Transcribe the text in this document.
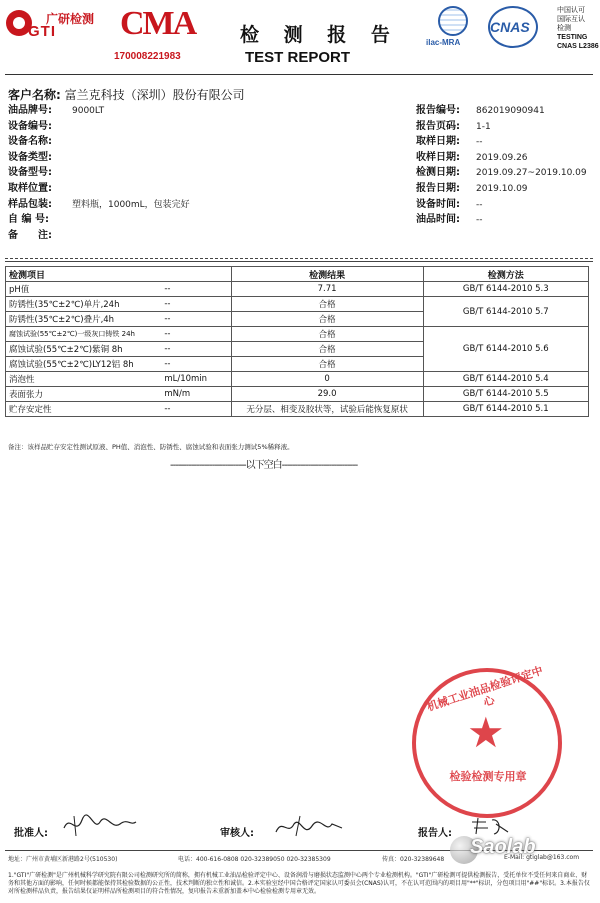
GTI
广研检测 CMA
170008221983
检 测 报 告
TEST REPORT
ilac-MRA
CNAS
中国认可
国际互认
检测
TESTING
CNAS L2386
客户名称: 富兰克科技（深圳）股份有限公司
油品牌号: 9000LT
设备编号:
设备名称:
设备类型:
设备型号:
取样位置:
样品包装: 塑料瓶，1000mL，包装完好
自 编 号:
备　　注:
报告编号: 862019090941
报告页码: 1-1
取样日期: --
收样日期: 2019.09.26
检测日期: 2019.09.27~2019.10.09
报告日期: 2019.10.09
设备时间: --
油品时间: --
检测项目		检测结果	检测方法
pH值	--	7.71	GB/T 6144-2010 5.3
防锈性(35℃±2℃)单片,24h	--	合格	GB/T 6144-2010 5.7
防锈性(35℃±2℃)叠片,4h	--	合格	
腐蚀试验(55℃±2℃)一级灰口铸铁 24h	--	合格	GB/T 6144-2010 5.6
腐蚀试验(55℃±2℃)紫铜 8h	--	合格	
腐蚀试验(55℃±2℃)LY12铝 8h	--	合格	
消泡性	mL/10min	0	GB/T 6144-2010 5.4
表面张力	mN/m	29.0	GB/T 6144-2010 5.5
贮存安定性	--	无分层、相变及胶状等，试验后能恢复原状	GB/T 6144-2010 5.1
备注：该样品贮存安定性测试原液、PH值、消泡性、防锈性、腐蚀试验和表面张力测试5%稀释液。
-----------------------------以下空白-----------------------------
机械工业油品检验评定中心
★
检验检测专用章
批准人:	审核人:	报告人:
地址：广州市黄埔区新港路2号(510530)	电话：400-616-0808 020-32389050 020-32385309	传真：020-32389648	E-Mail: gtiglab@163.com
1."GTI"广研检测"是广州机械科学研究院有限公司检测研究所的简称，拥有机械工业油品检验评定中心、设备润滑与磨损状态监测中心两个专业检测机构。"GTI"广研检测可提供检测报告，受托单位不受任何来自商业、财务和其他方面的影响，任何时候都能保持其检验数据的公正性，技术判断的独立性和诚信。2.本实验室经中国合格评定国家认可委员会(CNAS)认可，不在认可范围内的项目用"**"标识，分包项目用"##"标识。3.本报告仅对所检测样品负责，报告结果仅证明样品所检测项目的符合性情况，复印报告未重新加盖本中心检验检测专用章无效。
Saolab
